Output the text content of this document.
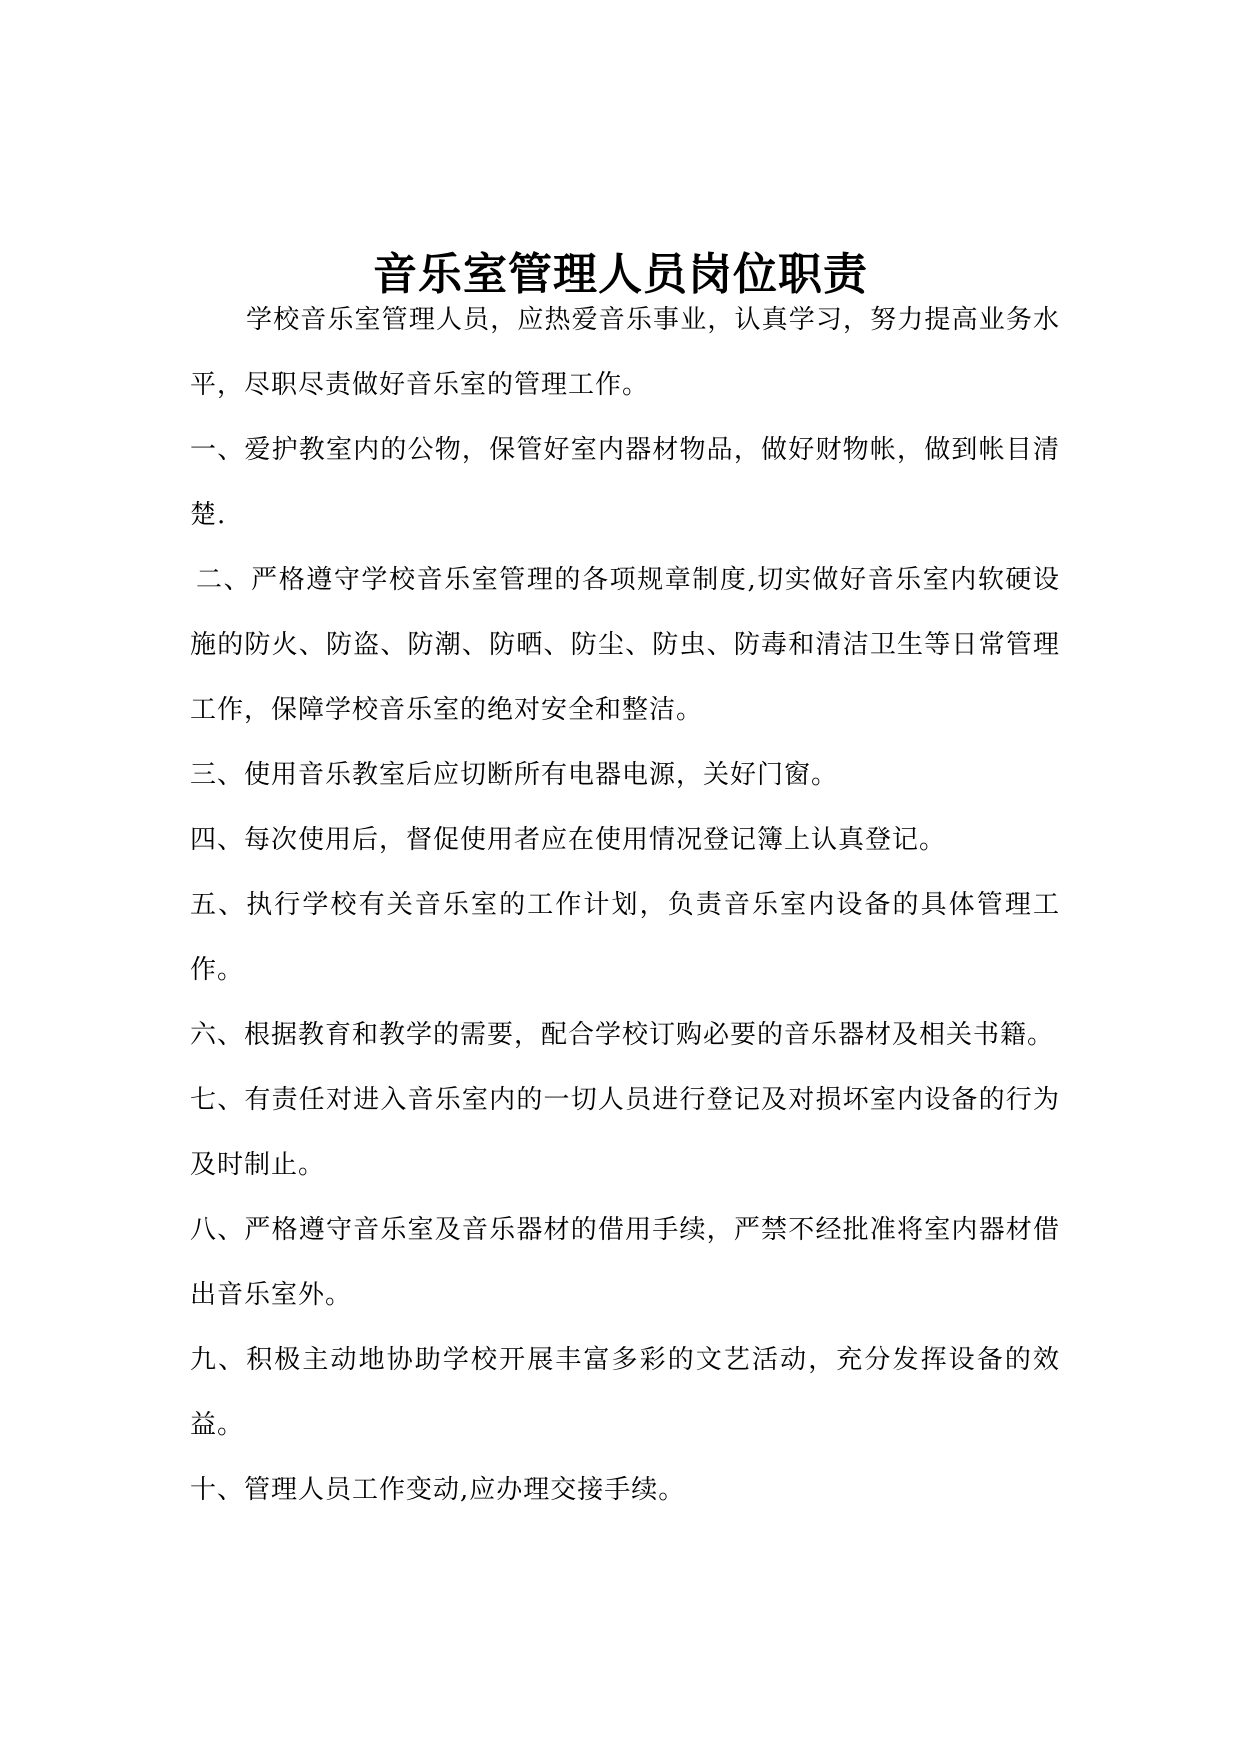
音乐室管理人员岗位职责

学校音乐室管理人员，应热爱音乐事业，认真学习，努力提高业务水平，尽职尽责做好音乐室的管理工作。

一、爱护教室内的公物，保管好室内器材物品，做好财物帐，做到帐目清楚.

二、严格遵守学校音乐室管理的各项规章制度,切实做好音乐室内软硬设施的防火、防盗、防潮、防晒、防尘、防虫、防毒和清洁卫生等日常管理工作，保障学校音乐室的绝对安全和整洁。

三、使用音乐教室后应切断所有电器电源，关好门窗。

四、每次使用后，督促使用者应在使用情况登记簿上认真登记。

五、执行学校有关音乐室的工作计划，负责音乐室内设备的具体管理工作。

六、根据教育和教学的需要，配合学校订购必要的音乐器材及相关书籍。

七、有责任对进入音乐室内的一切人员进行登记及对损坏室内设备的行为及时制止。

八、严格遵守音乐室及音乐器材的借用手续，严禁不经批准将室内器材借出音乐室外。

九、积极主动地协助学校开展丰富多彩的文艺活动，充分发挥设备的效益。

十、管理人员工作变动,应办理交接手续。
